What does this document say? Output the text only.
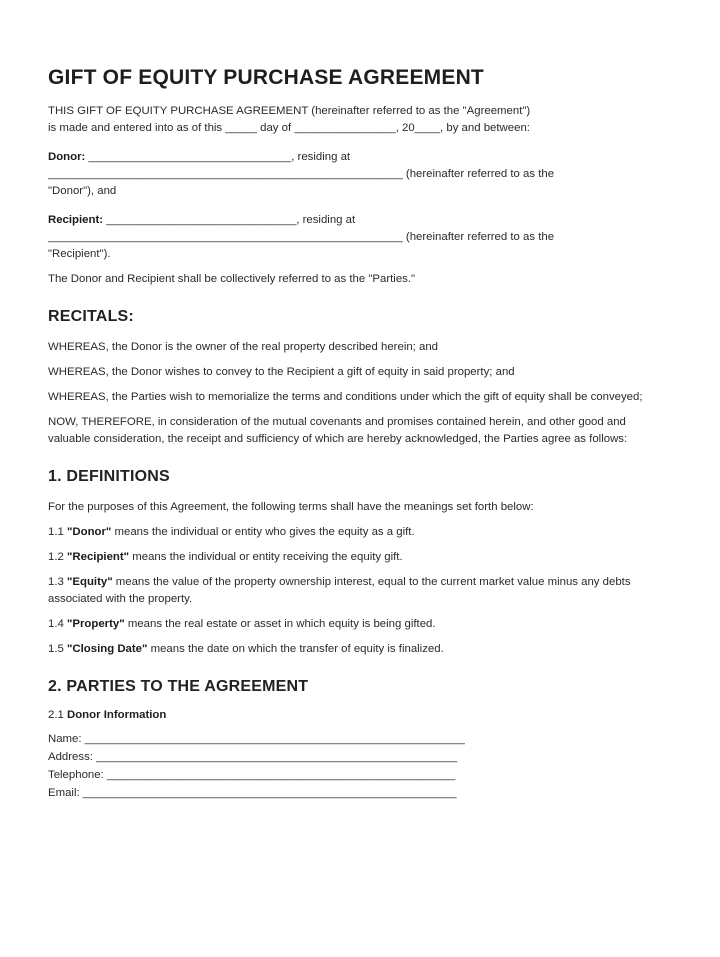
GIFT OF EQUITY PURCHASE AGREEMENT
THIS GIFT OF EQUITY PURCHASE AGREEMENT (hereinafter referred to as the "Agreement")
is made and entered into as of this _____ day of ________________, 20____, by and between:
Donor: ________________________________, residing at
________________________________________________________ (hereinafter referred to as the
"Donor"), and
Recipient: ______________________________, residing at
________________________________________________________ (hereinafter referred to as the
"Recipient").
The Donor and Recipient shall be collectively referred to as the "Parties."
RECITALS:
WHEREAS, the Donor is the owner of the real property described herein; and
WHEREAS, the Donor wishes to convey to the Recipient a gift of equity in said property; and
WHEREAS, the Parties wish to memorialize the terms and conditions under which the gift of equity shall be conveyed;
NOW, THEREFORE, in consideration of the mutual covenants and promises contained herein, and other good and valuable consideration, the receipt and sufficiency of which are hereby acknowledged, the Parties agree as follows:
1. DEFINITIONS
For the purposes of this Agreement, the following terms shall have the meanings set forth below:
1.1 "Donor" means the individual or entity who gives the equity as a gift.
1.2 "Recipient" means the individual or entity receiving the equity gift.
1.3 "Equity" means the value of the property ownership interest, equal to the current market value minus any debts associated with the property.
1.4 "Property" means the real estate or asset in which equity is being gifted.
1.5 "Closing Date" means the date on which the transfer of equity is finalized.
2. PARTIES TO THE AGREEMENT
2.1 Donor Information
Name: ____________________________________________________________
Address: _________________________________________________________
Telephone: _______________________________________________________
Email: ___________________________________________________________
